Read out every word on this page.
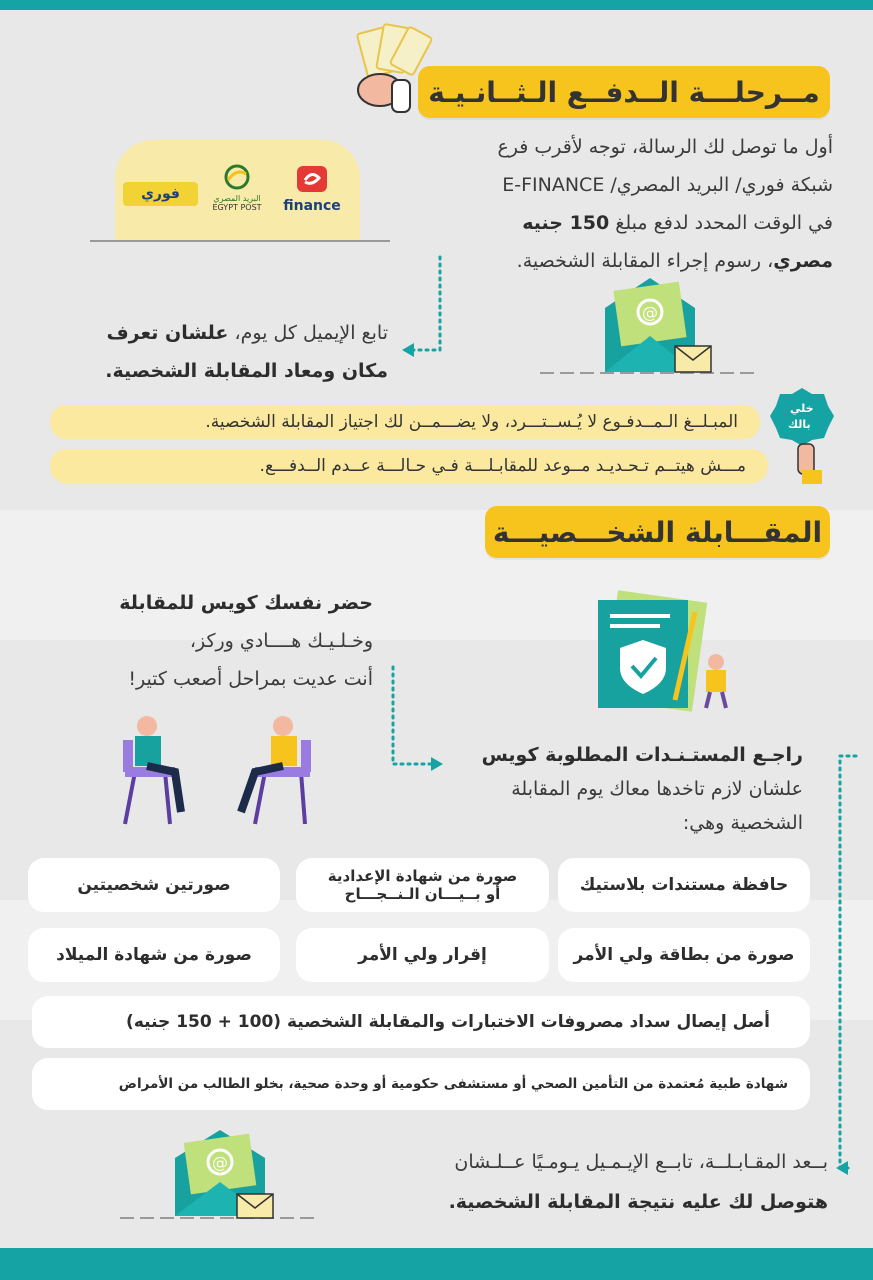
مــرحلـــة الــدفــع الـثــانـيـة
فوري	البريد المصري
EGYPT POST	finance
أول ما توصل لك الرسالة، توجه لأقرب فرع
شبكة فوري/ البريد المصري/ E-FINANCE
في الوقت المحدد لدفع مبلغ 150 جنيه
مصري، رسوم إجراء المقابلة الشخصية.
@
تابع الإيميل كل يوم، علشان تعرف
مكان ومعاد المقابلة الشخصية.
خلي
بالك
المبـلــغ الـمــدفـوع لا يُـســتـــرد، ولا يضـــمــن لك اجتياز المقابلة الشخصية.
مـــش هيتــم تـحـديـد مــوعد للمقابـلـــة فـي حـالـــة عــدم الــدفـــع.
المقـــابلة الشخـــصيـــة
حضر نفسك كويس للمقابلة
وخـلـيـك هــــادي وركز،
أنت عديت بمراحل أصعب كتير!
راجـع المستـنـدات المطلوبة كويس
علشان لازم تاخدها معاك يوم المقابلة
الشخصية وهي:
حافظة مستندات بلاستيك
صورة من شهادة الإعدادية
أو بــيـــان الـنــجـــاح
صورتين شخصيتين
صورة من بطاقة ولي الأمر
إقرار ولي الأمر
صورة من شهادة الميلاد
أصل إيصال سداد مصروفات الاختبارات والمقابلة الشخصية (100 + 150 جنيه)
شهادة طبية مُعتمدة من التأمين الصحي أو مستشفى حكومية أو وحدة صحية، بخلو الطالب من الأمراض
@	بــعد المقـابـلــة، تابــع الإيـمـيل يـومـيًا عــلـشان
هتوصل لك عليه نتيجة المقابلة الشخصية.
